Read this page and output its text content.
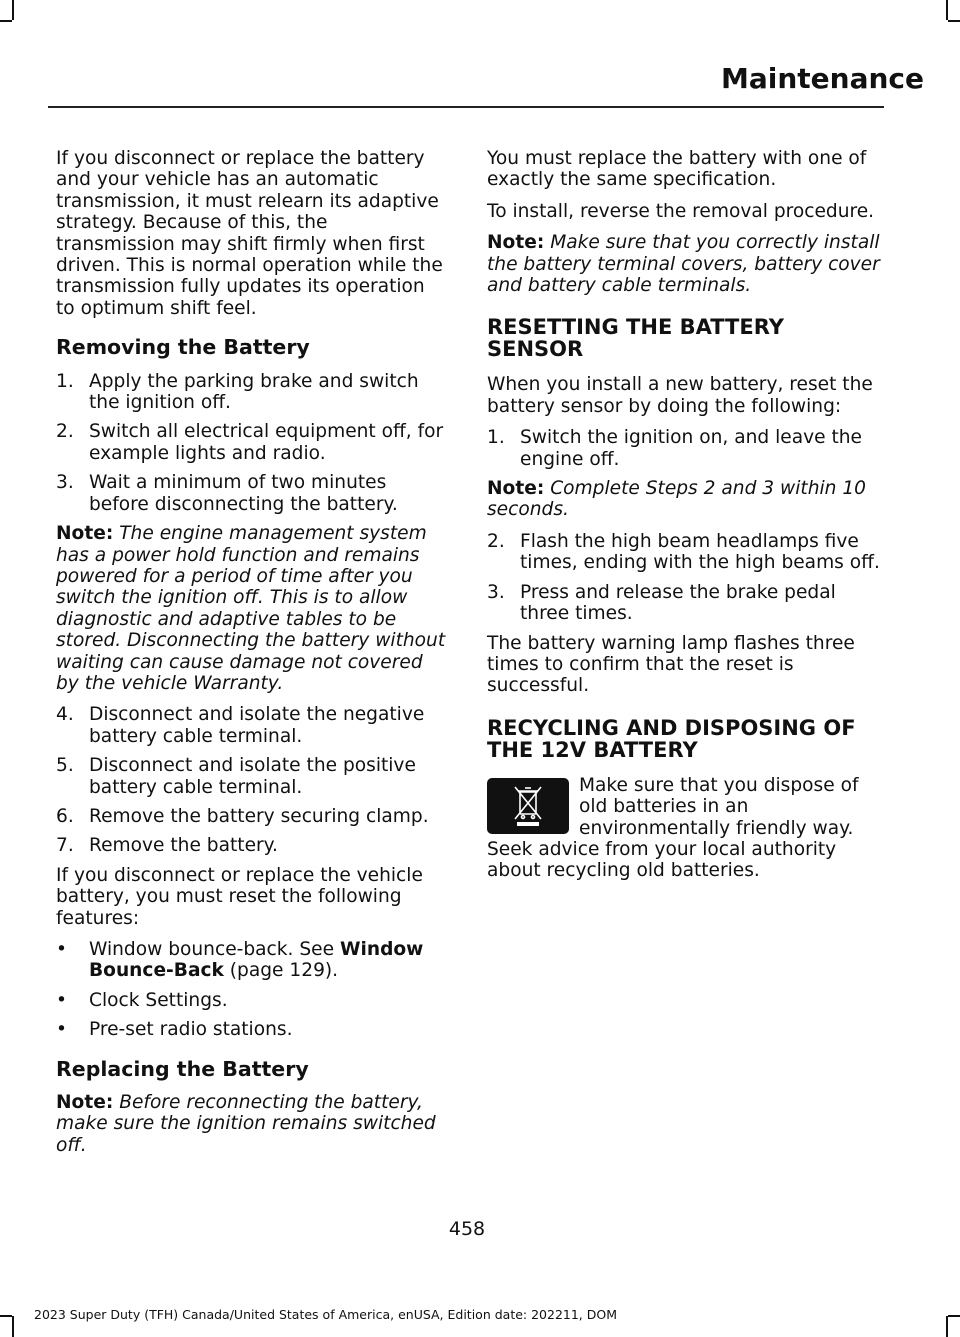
Maintenance

If you disconnect or replace the battery and your vehicle has an automatic transmission, it must relearn its adaptive strategy. Because of this, the transmission may shift firmly when first driven. This is normal operation while the transmission fully updates its operation to optimum shift feel.

Removing the Battery
1. Apply the parking brake and switch the ignition off.
2. Switch all electrical equipment off, for example lights and radio.
3. Wait a minimum of two minutes before disconnecting the battery.

Note: The engine management system has a power hold function and remains powered for a period of time after you switch the ignition off. This is to allow diagnostic and adaptive tables to be stored. Disconnecting the battery without waiting can cause damage not covered by the vehicle Warranty.

4. Disconnect and isolate the negative battery cable terminal.
5. Disconnect and isolate the positive battery cable terminal.
6. Remove the battery securing clamp.
7. Remove the battery.

If you disconnect or replace the vehicle battery, you must reset the following features:

•	Window bounce-back. See Window Bounce-Back (page 129).
•	Clock Settings.
•	Pre-set radio stations.
Replacing the Battery

Note: Before reconnecting the battery, make sure the ignition remains switched off.

You must replace the battery with one of exactly the same specification.

To install, reverse the removal procedure.

Note: Make sure that you correctly install the battery terminal covers, battery cover and battery cable terminals.

RESETTING THE BATTERY SENSOR

When you install a new battery, reset the battery sensor by doing the following:

1. Switch the ignition on, and leave the engine off.

Note: Complete Steps 2 and 3 within 10 seconds.

2. Flash the high beam headlamps five times, ending with the high beams off.
3. Press and release the brake pedal three times.

The battery warning lamp flashes three times to confirm that the reset is successful.

RECYCLING AND DISPOSING OF THE 12V BATTERY
Make sure that you dispose of old batteries in an environmentally friendly way. Seek advice from your local authority about recycling old batteries.
458
2023 Super Duty (TFH) Canada/United States of America, enUSA, Edition date: 202211, DOM
